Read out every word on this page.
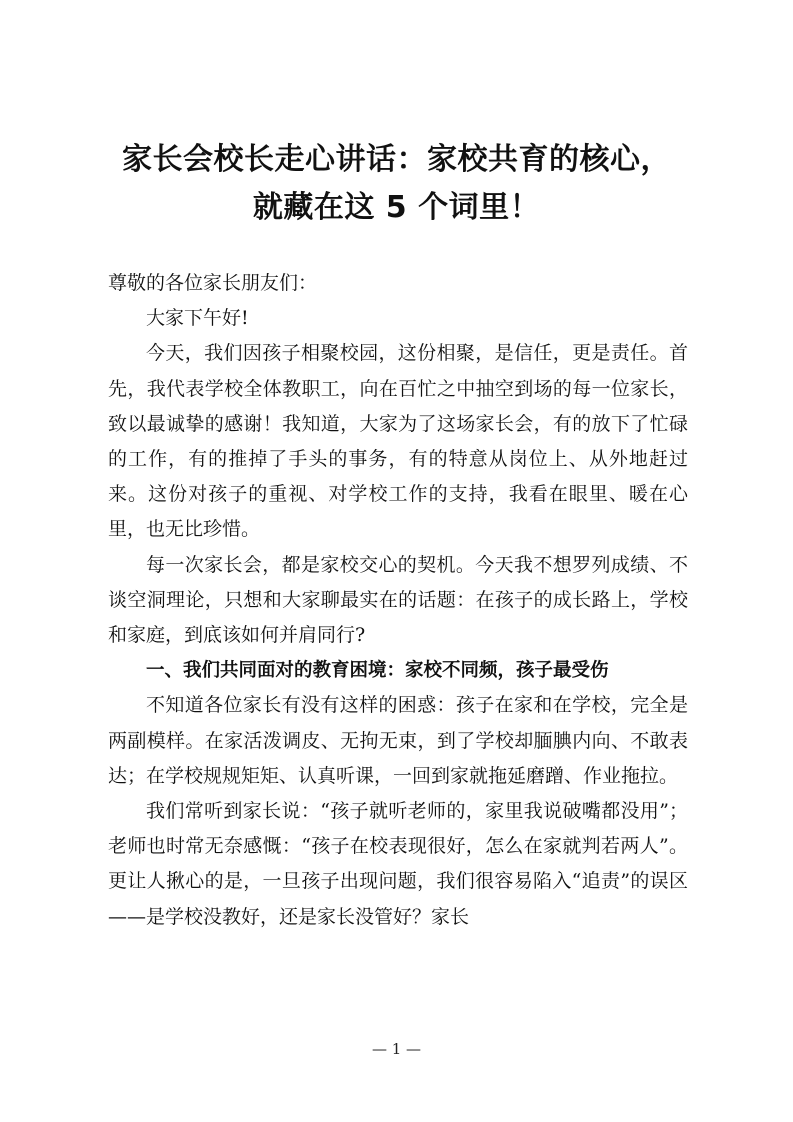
家长会校长走心讲话：家校共育的核心，
就藏在这 5 个词里！

尊敬的各位家长朋友们：

大家下午好!

今天，我们因孩子相聚校园，这份相聚，是信任，更是责任。首先，我代表学校全体教职工，向在百忙之中抽空到场的每一位家长，致以最诚挚的感谢！我知道，大家为了这场家长会，有的放下了忙碌的工作，有的推掉了手头的事务，有的特意从岗位上、从外地赶过来。这份对孩子的重视、对学校工作的支持，我看在眼里、暖在心里，也无比珍惜。

每一次家长会，都是家校交心的契机。今天我不想罗列成绩、不谈空洞理论，只想和大家聊最实在的话题：在孩子的成长路上，学校和家庭，到底该如何并肩同行?

一、我们共同面对的教育困境：家校不同频，孩子最受伤

不知道各位家长有没有这样的困惑：孩子在家和在学校，完全是两副模样。在家活泼调皮、无拘无束，到了学校却腼腆内向、不敢表达；在学校规规矩矩、认真听课，一回到家就拖延磨蹭、作业拖拉。

我们常听到家长说：“孩子就听老师的，家里我说破嘴都没用”；老师也时常无奈感慨：“孩子在校表现很好，怎么在家就判若两人”。更让人揪心的是，一旦孩子出现问题，我们很容易陷入“追责”的误区——是学校没教好，还是家长没管好？家长

— 1 —
